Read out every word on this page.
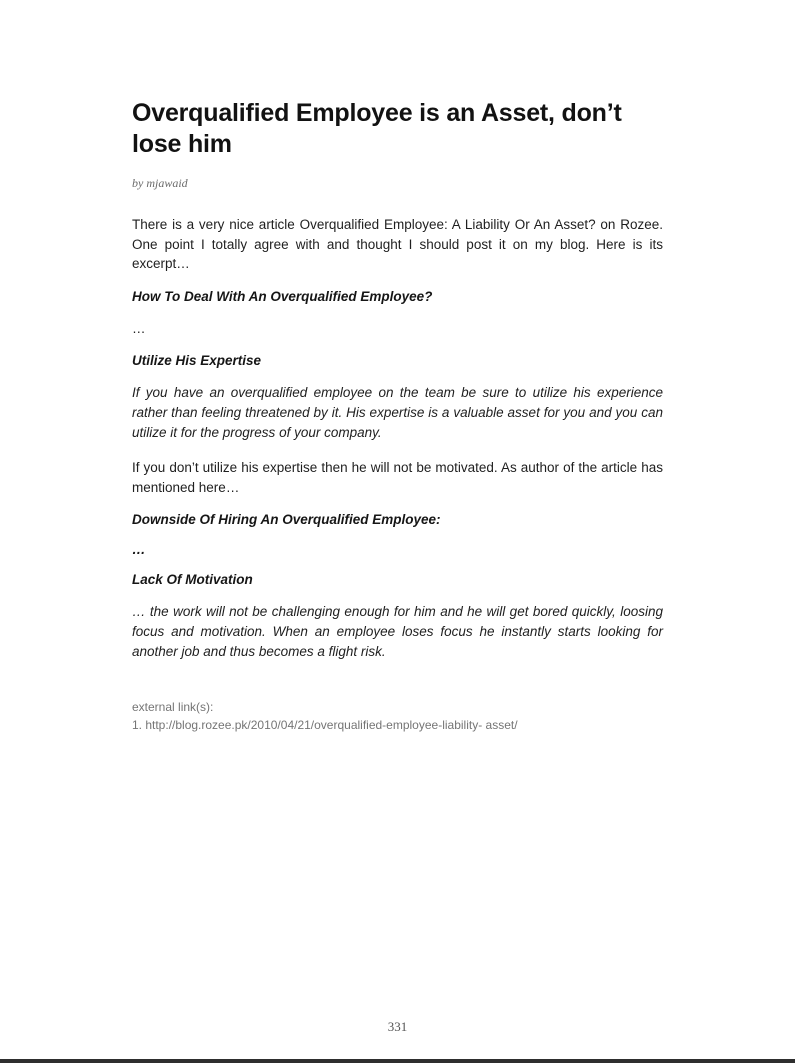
Overqualified Employee is an Asset, don’t lose him
by mjawaid

There is a very nice article Overqualified Employee: A Liability Or An Asset? on Rozee. One point I totally agree with and thought I should post it on my blog. Here is its excerpt…

How To Deal With An Overqualified Employee?

…

Utilize His Expertise

If you have an overqualified employee on the team be sure to utilize his experience rather than feeling threatened by it. His expertise is a valuable asset for you and you can utilize it for the progress of your company.

If you don’t utilize his expertise then he will not be motivated. As author of the article has mentioned here…

Downside Of Hiring An Overqualified Employee:

…

Lack Of Motivation

… the work will not be challenging enough for him and he will get bored quickly, loosing focus and motivation. When an employee loses focus he instantly starts looking for another job and thus becomes a flight risk.

external link(s):
1. http://blog.rozee.pk/2010/04/21/overqualified-employee-liability- asset/
331
